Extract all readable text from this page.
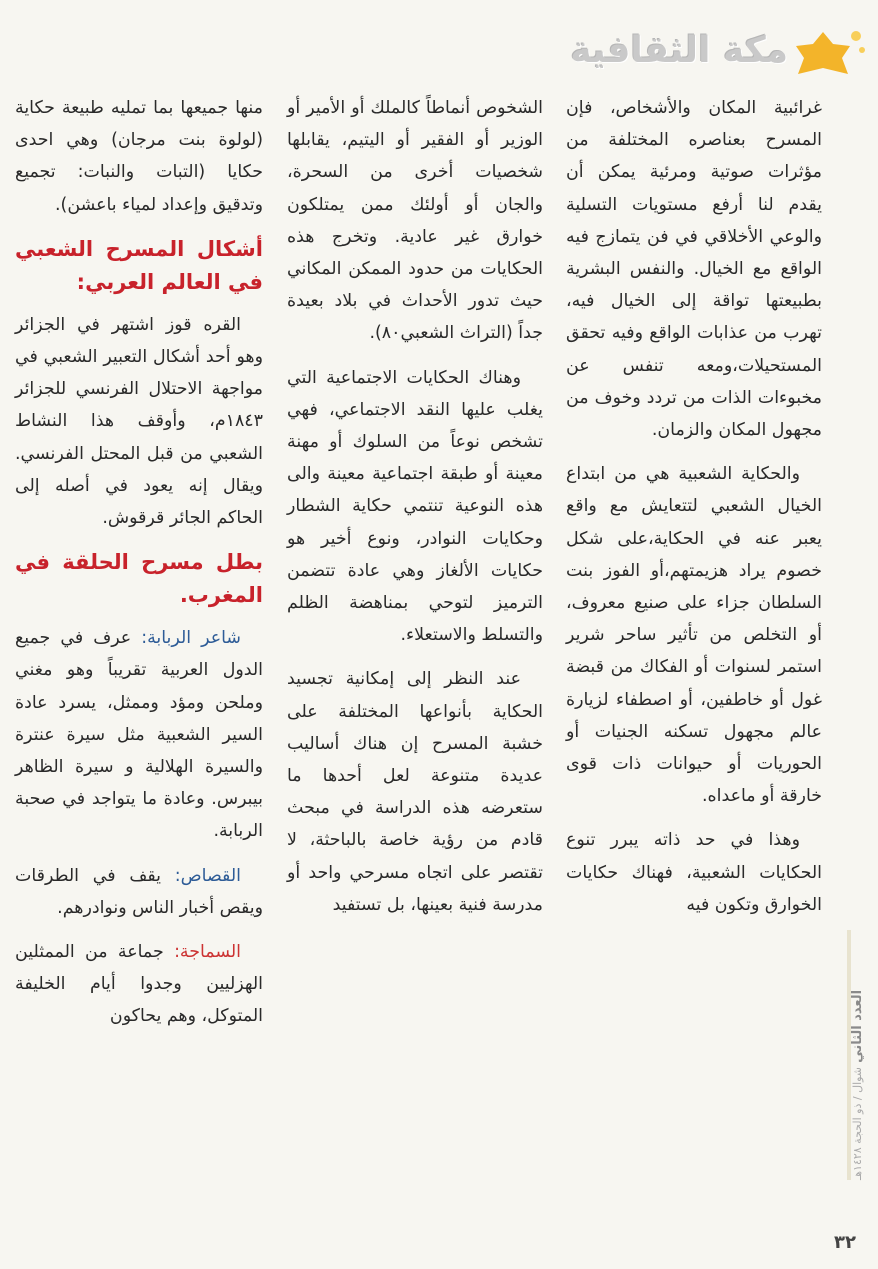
مكة الثقافية

غرائبية المكان والأشخاص، فإن المسرح بعناصره المختلفة من مؤثرات صوتية ومرئية يمكن أن يقدم لنا أرفع مستويات التسلية والوعي الأخلاقي في فن يتمازج فيه الواقع مع الخيال. والنفس البشرية بطبيعتها تواقة إلى الخيال فيه، تهرب من عذابات الواقع وفيه تحقق المستحيلات،ومعه تنفس عن مخبوءات الذات من تردد وخوف من مجهول المكان والزمان.

والحكاية الشعبية هي من ابتداع الخيال الشعبي لتتعايش مع واقع يعبر عنه في الحكاية،على شكل خصوم يراد هزيمتهم،أو الفوز بنت السلطان جزاء على صنيع معروف، أو التخلص من تأثير ساحر شرير استمر لسنوات أو الفكاك من قبضة غول أو خاطفين، أو اصطفاء لزيارة عالم مجهول تسكنه الجنيات أو الحوريات أو حيوانات ذات قوى خارقة أو ماعداه.

وهذا في حد ذاته يبرر تنوع الحكايات الشعبية، فهناك حكايات الخوارق وتكون فيه

الشخوص أنماطاً كالملك أو الأمير أو الوزير أو الفقير أو اليتيم، يقابلها شخصيات أخرى من السحرة، والجان أو أولئك ممن يمتلكون خوارق غير عادية. وتخرج هذه الحكايات من حدود الممكن المكاني حيث تدور الأحداث في بلاد بعيدة جداً (التراث الشعبي٨٠).

وهناك الحكايات الاجتماعية التي يغلب عليها النقد الاجتماعي، فهي تشخص نوعاً من السلوك أو مهنة معينة أو طبقة اجتماعية معينة والى هذه النوعية تنتمي حكاية الشطار وحكايات النوادر، ونوع أخير هو حكايات الألغاز وهي عادة تتضمن الترميز لتوحي بمناهضة الظلم والتسلط والاستعلاء.

عند النظر إلى إمكانية تجسيد الحكاية بأنواعها المختلفة على خشبة المسرح إن هناك أساليب عديدة متنوعة لعل أحدها ما ستعرضه هذه الدراسة في مبحث قادم من رؤية خاصة بالباحثة، لا تقتصر على اتجاه مسرحي واحد أو مدرسة فنية بعينها، بل تستفيد

منها جميعها بما تمليه طبيعة حكاية (لولوة بنت مرجان) وهي احدى حكايا (التبات والنبات: تجميع وتدقيق وإعداد لمياء باعشن).

أشكال المسرح الشعبي في العالم العربي:

القره قوز اشتهر في الجزائر وهو أحد أشكال التعبير الشعبي في مواجهة الاحتلال الفرنسي للجزائر ١٨٤٣م، وأوقف هذا النشاط الشعبي من قبل المحتل الفرنسي. ويقال إنه يعود في أصله إلى الحاكم الجائر قرقوش.

بطل مسرح الحلقة في المغرب.

شاعر الربابة: عرف في جميع الدول العربية تقريباً وهو مغني وملحن ومؤد وممثل، يسرد عادة السير الشعبية مثل سيرة عنترة والسيرة الهلالية و سيرة الظاهر بيبرس. وعادة ما يتواجد في صحبة الربابة.

القصاص: يقف في الطرقات ويقص أخبار الناس ونوادرهم.

السماجة: جماعة من الممثلين الهزليين وجدوا أيام الخليفة المتوكل، وهم يحاكون	العدد الثاني شوال / ذو الحجة ١٤٢٨هـ
٣٢
